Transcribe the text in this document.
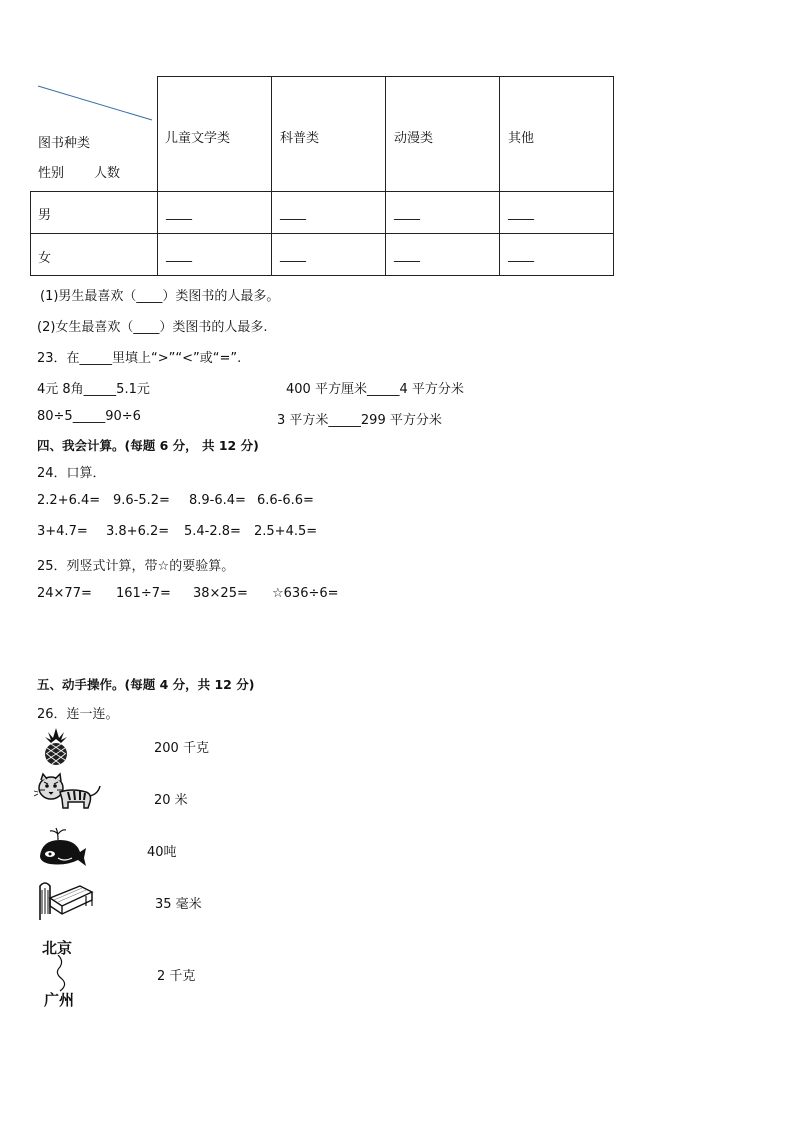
图书种类
性别 人数
儿童文学类	科普类	动漫类	其他
男	____	____	____	____
女	____	____	____	____
(1)男生最喜欢（____）类图书的人最多。
(2)女生最喜欢（____）类图书的人最多.
23．在_____里填上“>”“<”或“=”.
4元 8角_____5.1元	400 平方厘米_____4 平方分米
80÷5_____90÷6	3 平方米_____299 平方分米
四、我会计算。(每题 6 分， 共 12 分)
24．口算．
2.2+6.4= 9.6-5.2= 8.9-6.4= 6.6-6.6=
3+4.7= 3.8+6.2= 5.4-2.8= 2.5+4.5=
25．列竖式计算，带☆的要验算。
24×77= 161÷7= 38×25= ☆636÷6=
五、动手操作。(每题 4 分，共 12 分)
26．连一连。
200 千克
20 米
40吨
35 毫米
北京
广州
2 千克
